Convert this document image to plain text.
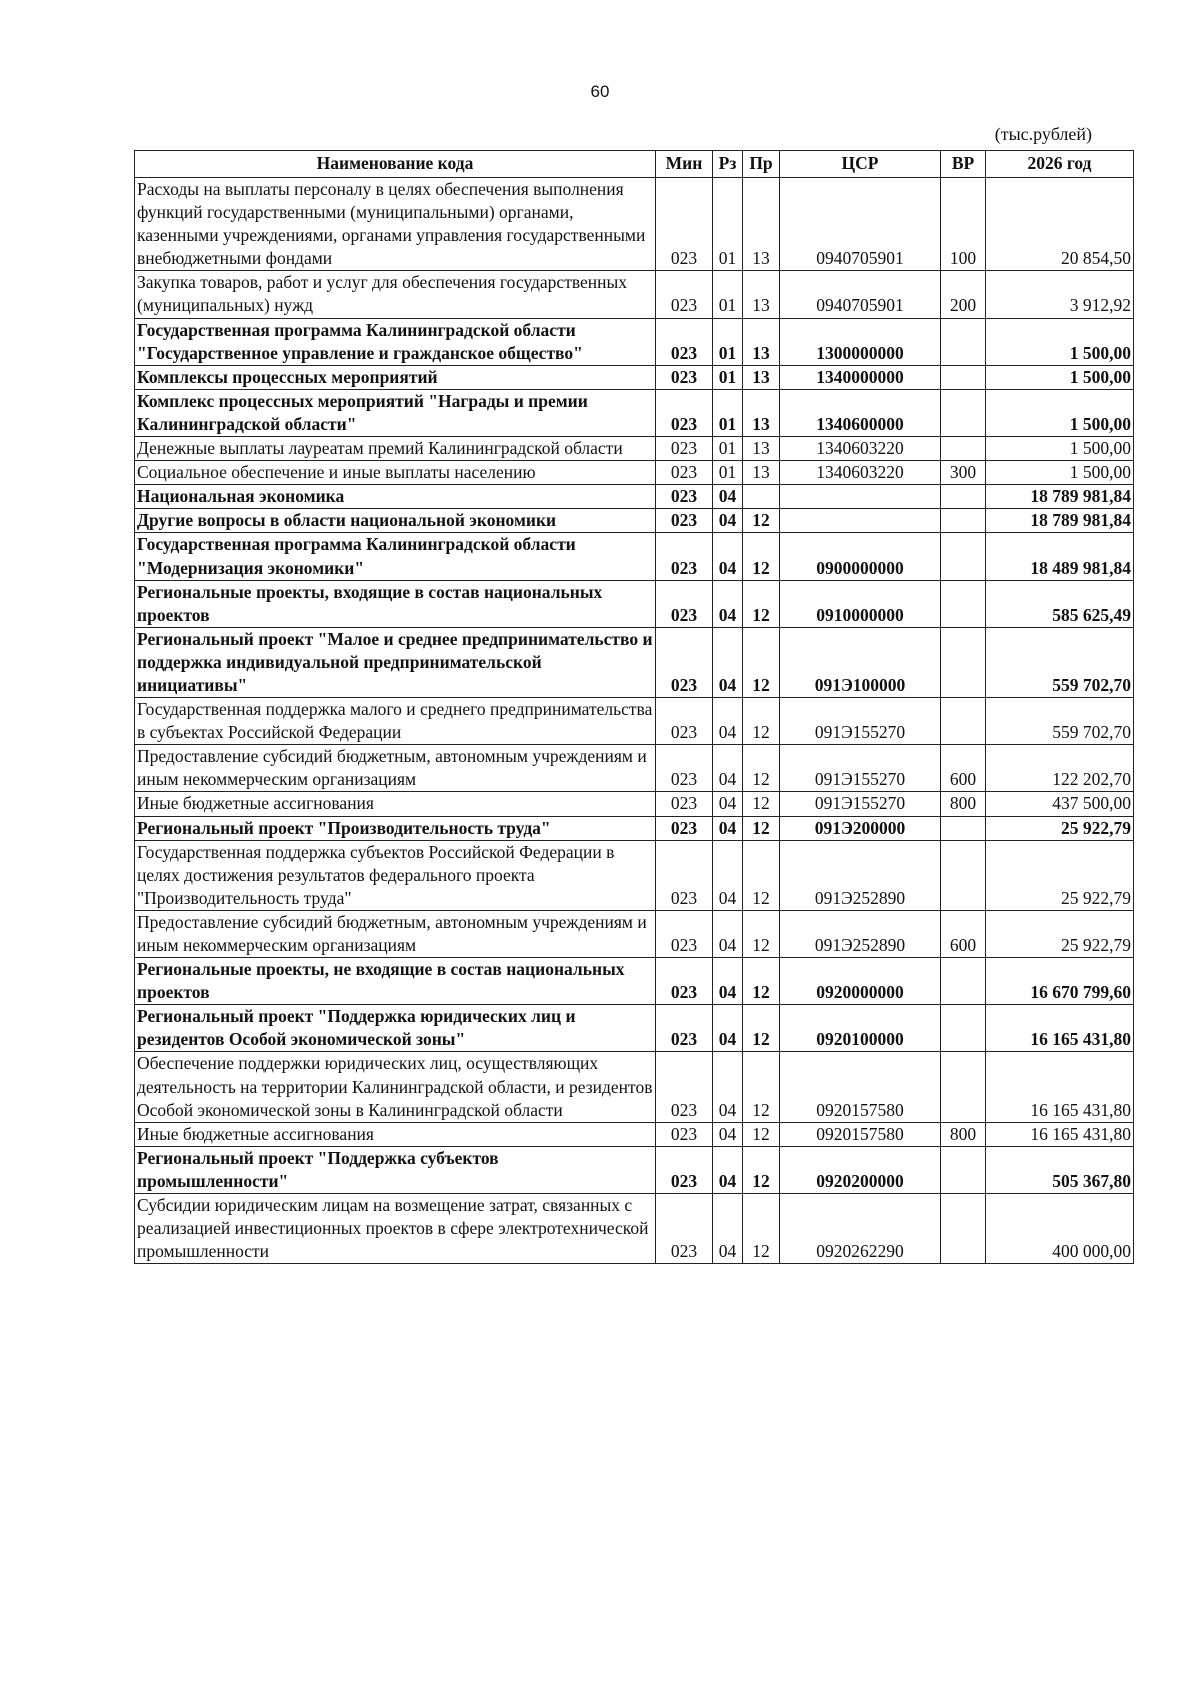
60
(тыс.рублей)
Наименование кода	Мин	Рз	Пр	ЦСР	ВР	2026 год
Расходы на выплаты персоналу в целях обеспечения выполнения функций государственными (муниципальными) органами, казенными учреждениями, органами управления государственными внебюджетными фондами	023	01	13	0940705901	100	20 854,50
Закупка товаров, работ и услуг для обеспечения государственных (муниципальных) нужд	023	01	13	0940705901	200	3 912,92
Государственная программа Калининградской области "Государственное управление и гражданское общество"	023	01	13	1300000000		1 500,00
Комплексы процессных мероприятий	023	01	13	1340000000		1 500,00
Комплекс процессных мероприятий "Награды и премии Калининградской области"	023	01	13	1340600000		1 500,00
Денежные выплаты лауреатам премий Калининградской области	023	01	13	1340603220		1 500,00
Социальное обеспечение и иные выплаты населению	023	01	13	1340603220	300	1 500,00
Национальная экономика	023	04				18 789 981,84
Другие вопросы в области национальной экономики	023	04	12			18 789 981,84
Государственная программа Калининградской области "Модернизация экономики"	023	04	12	0900000000		18 489 981,84
Региональные проекты, входящие в состав национальных проектов	023	04	12	0910000000		585 625,49
Региональный проект "Малое и среднее предпринимательство и поддержка индивидуальной предпринимательской инициативы"	023	04	12	091Э100000		559 702,70
Государственная поддержка малого и среднего предпринимательства в субъектах Российской Федерации	023	04	12	091Э155270		559 702,70
Предоставление субсидий бюджетным, автономным учреждениям и иным некоммерческим организациям	023	04	12	091Э155270	600	122 202,70
Иные бюджетные ассигнования	023	04	12	091Э155270	800	437 500,00
Региональный проект "Производительность труда"	023	04	12	091Э200000		25 922,79
Государственная поддержка субъектов Российской Федерации в целях достижения результатов федерального проекта "Производительность труда"	023	04	12	091Э252890		25 922,79
Предоставление субсидий бюджетным, автономным учреждениям и иным некоммерческим организациям	023	04	12	091Э252890	600	25 922,79
Региональные проекты, не входящие в состав национальных проектов	023	04	12	0920000000		16 670 799,60
Региональный проект "Поддержка юридических лиц и резидентов Особой экономической зоны"	023	04	12	0920100000		16 165 431,80
Обеспечение поддержки юридических лиц, осуществляющих деятельность на территории Калининградской области, и резидентов Особой экономической зоны в Калининградской области	023	04	12	0920157580		16 165 431,80
Иные бюджетные ассигнования	023	04	12	0920157580	800	16 165 431,80
Региональный проект "Поддержка субъектов промышленности"	023	04	12	0920200000		505 367,80
Субсидии юридическим лицам на возмещение затрат, связанных с реализацией инвестиционных проектов в сфере электротехнической промышленности	023	04	12	0920262290		400 000,00
